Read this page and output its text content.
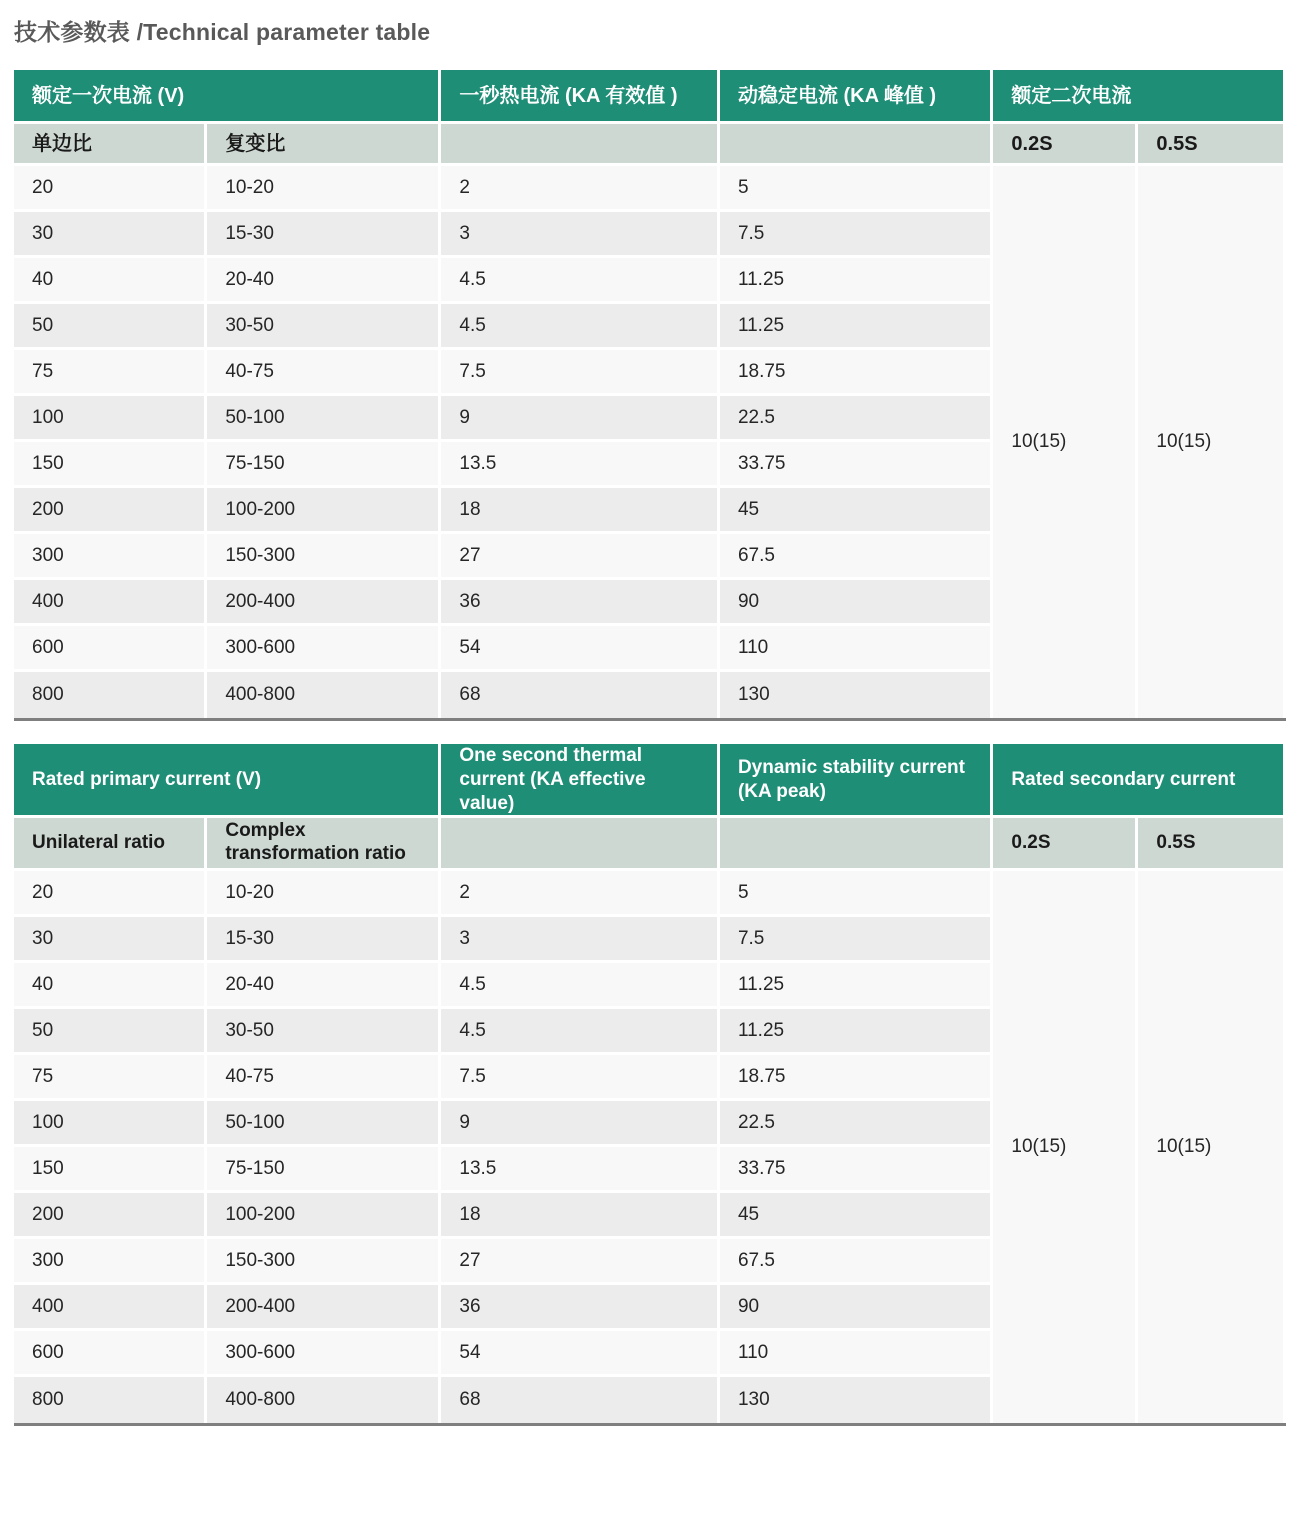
技术参数表 /Technical parameter table
额定一次电流 (V)		一秒热电流 (KA 有效值 )	动稳定电流 (KA 峰值 )	额定二次电流	
单边比	复变比			0.2S	0.5S
20	10-20	2	5	10(15)	10(15)
30	15-30	3	7.5		
40	20-40	4.5	11.25		
50	30-50	4.5	11.25		
75	40-75	7.5	18.75		
100	50-100	9	22.5		
150	75-150	13.5	33.75		
200	100-200	18	45		
300	150-300	27	67.5		
400	200-400	36	90		
600	300-600	54	110		
800	400-800	68	130		
Rated primary current (V)		One second thermal current (KA effective value)	Dynamic stability current (KA peak)	Rated secondary current	
Unilateral ratio	Complex transformation ratio			0.2S	0.5S
20	10-20	2	5	10(15)	10(15)
30	15-30	3	7.5		
40	20-40	4.5	11.25		
50	30-50	4.5	11.25		
75	40-75	7.5	18.75		
100	50-100	9	22.5		
150	75-150	13.5	33.75		
200	100-200	18	45		
300	150-300	27	67.5		
400	200-400	36	90		
600	300-600	54	110		
800	400-800	68	130		
